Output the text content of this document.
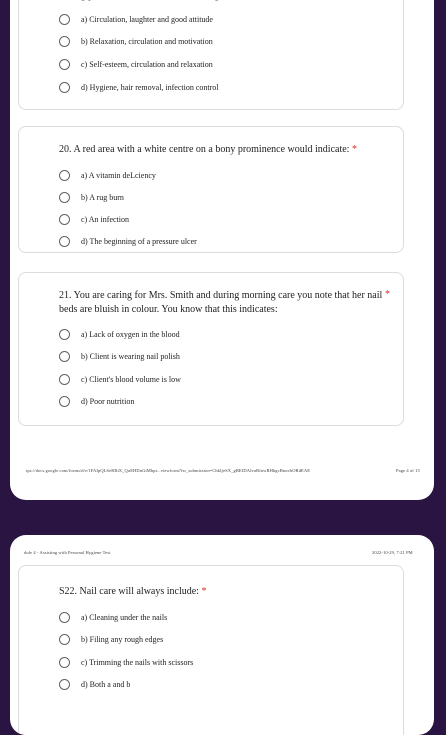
a) Circulation, laughter and good attitude
b) Relaxation, circulation and motivation
c) Self-esteem, circulation and relaxation
d) Hygiene, hair removal, infection control
20. A red area with a white centre on a bony prominence would indicate: *
a) A vitamin deLciency
b) A rug burn
c) An infection
d) The beginning of a pressure ulcer
21. You are caring for Mrs. Smith and during morning care you note that her nail
beds are bluish in colour. You know that this indicates:
*
a) Lack of oxygen in the blood
b) Client is wearing nail polish
c) Client's blood volume is low
d) Poor nutrition
tps://docs.google.com/forms/d/e/1FAIpQLSeRRiX_QuEHDuGtMhpr...viewform?fsr_submission=ChkIjeSX_gBEIDAIvaRfuwRHhgcBnuvhORdEAE	Page 4 of 15
dule 4 - Assisting with Personal Hygiene Test	2022-10-29, 7:21 PM
S22. Nail care will always include: *
a) Cleaning under the nails
b) Filing any rough edges
c) Trimming the nails with scissors
d) Both a and b
